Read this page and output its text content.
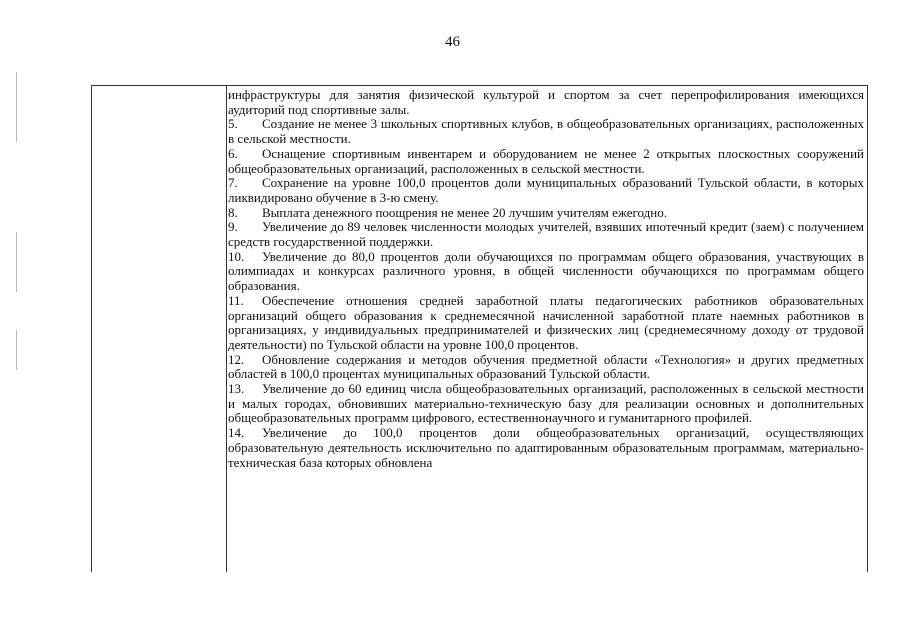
46

инфраструктуры для занятия физической культурой и спортом за счет перепрофилирования имеющихся аудиторий под спортивные залы.

5. Создание не менее 3 школьных спортивных клубов, в общеобразовательных организациях, расположенных в сельской местности.

6. Оснащение спортивным инвентарем и оборудованием не менее 2 открытых плоскостных сооружений общеобразовательных организаций, расположенных в сельской местности.

7. Сохранение на уровне 100,0 процентов доли муниципальных образований Тульской области, в которых ликвидировано обучение в 3-ю смену.

8. Выплата денежного поощрения не менее 20 лучшим учителям ежегодно.

9. Увеличение до 89 человек численности молодых учителей, взявших ипотечный кредит (заем) с получением средств государственной поддержки.

10. Увеличение до 80,0 процентов доли обучающихся по программам общего образования, участвующих в олимпиадах и конкурсах различного уровня, в общей численности обучающихся по программам общего образования.

11. Обеспечение отношения средней заработной платы педагогических работников образовательных организаций общего образования к среднемесячной начисленной заработной плате наемных работников в организациях, у индивидуальных предпринимателей и физических лиц (среднемесячному доходу от трудовой деятельности) по Тульской области на уровне 100,0 процентов.

12. Обновление содержания и методов обучения предметной области «Технология» и других предметных областей в 100,0 процентах муниципальных образований Тульской области.

13. Увеличение до 60 единиц числа общеобразовательных организаций, расположенных в сельской местности и малых городах, обновивших материально-техническую базу для реализации основных и дополнительных общеобразовательных программ цифрового, естественнонаучного и гуманитарного профилей.

14. Увеличение до 100,0 процентов доли общеобразовательных организаций, осуществляющих образовательную деятельность исключительно по адаптированным образовательным программам, материально-техническая база которых обновлена
